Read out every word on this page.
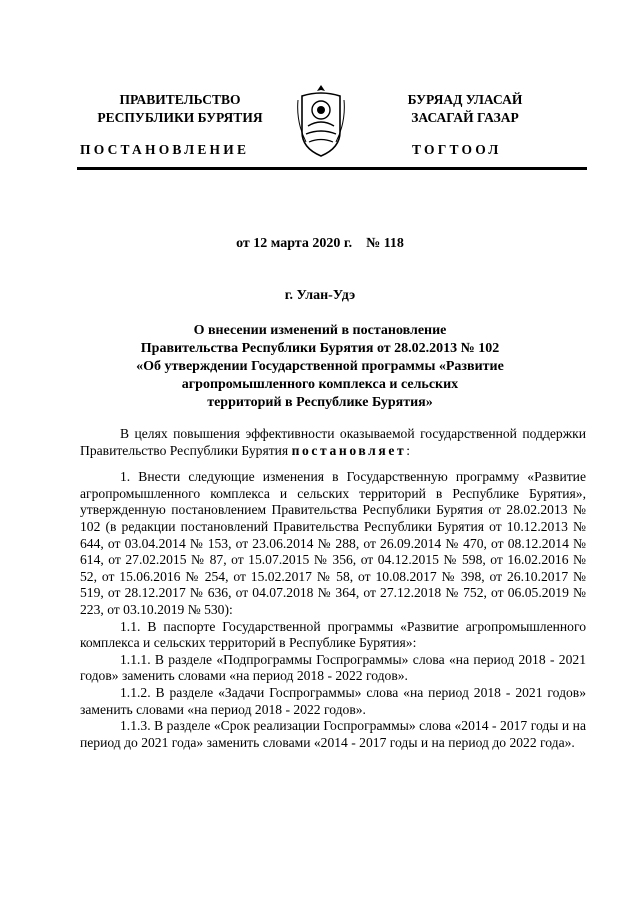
ПРАВИТЕЛЬСТВО
РЕСПУБЛИКИ БУРЯТИЯ
БУРЯАД УЛАСАЙ
ЗАСАГАЙ ГАЗАР
ПОСТАНОВЛЕНИЕ	ТОГТООЛ
от 12 марта 2020 г.    № 118
г. Улан-Удэ
О внесении изменений в постановление
Правительства Республики Бурятия от 28.02.2013 № 102
«Об утверждении Государственной программы «Развитие
агропромышленного комплекса и сельских
территорий в Республике Бурятия»

В целях повышения эффективности оказываемой государственной поддержки Правительство Республики Бурятия постановляет:

1. Внести следующие изменения в Государственную программу «Развитие агропромышленного комплекса и сельских территорий в Республике Бурятия», утвержденную постановлением Правительства Республики Бурятия от 28.02.2013 № 102 (в редакции постановлений Правительства Республики Бурятия от 10.12.2013 № 644, от 03.04.2014 № 153, от 23.06.2014 № 288, от 26.09.2014 № 470, от 08.12.2014 № 614, от 27.02.2015 № 87, от 15.07.2015 № 356, от 04.12.2015 № 598, от 16.02.2016 № 52, от 15.06.2016 № 254, от 15.02.2017 № 58, от 10.08.2017 № 398, от 26.10.2017 № 519, от 28.12.2017 № 636, от 04.07.2018 № 364, от 27.12.2018 № 752, от 06.05.2019 № 223, от 03.10.2019 № 530):

1.1. В паспорте Государственной программы «Развитие агропромышленного комплекса и сельских территорий в Республике Бурятия»:

1.1.1. В разделе «Подпрограммы Госпрограммы» слова «на период 2018 - 2021 годов» заменить словами «на период 2018 - 2022 годов».

1.1.2. В разделе «Задачи Госпрограммы» слова «на период 2018 - 2021 годов» заменить словами «на период 2018 - 2022 годов».

1.1.3. В разделе «Срок реализации Госпрограммы» слова «2014 - 2017 годы и на период до 2021 года» заменить словами «2014 - 2017 годы и на период до 2022 года».
